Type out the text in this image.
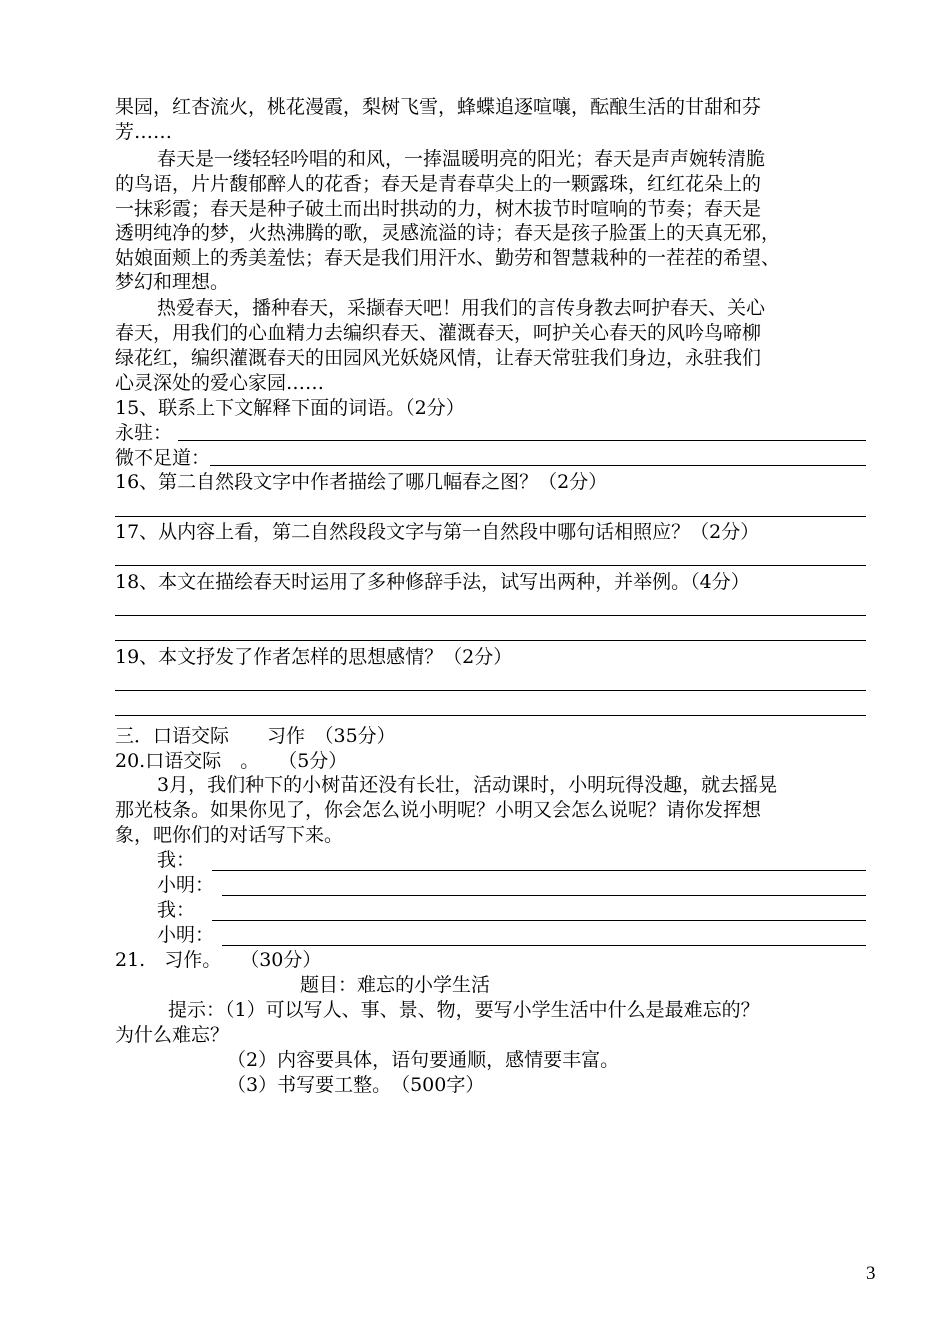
果园，红杏流火，桃花漫霞，梨树飞雪，蜂蝶追逐喧嚷，酝酿生活的甘甜和芬
芳……
春天是一缕轻轻吟唱的和风，一捧温暖明亮的阳光；春天是声声婉转清脆
的鸟语，片片馥郁醉人的花香；春天是青春草尖上的一颗露珠，红红花朵上的
一抹彩霞；春天是种子破土而出时拱动的力，树木拔节时喧响的节奏；春天是
透明纯净的梦，火热沸腾的歌，灵感流溢的诗；春天是孩子脸蛋上的天真无邪，
姑娘面颊上的秀美羞怯；春天是我们用汗水、勤劳和智慧栽种的一茬茬的希望、
梦幻和理想。
热爱春天，播种春天，采撷春天吧！用我们的言传身教去呵护春天、关心
春天，用我们的心血精力去编织春天、灌溉春天，呵护关心春天的风吟鸟啼柳
绿花红，编织灌溉春天的田园风光妖娆风情，让春天常驻我们身边，永驻我们
心灵深处的爱心家园……
15、联系上下文解释下面的词语。（2分）
永驻：
微不足道：
16、第二自然段文字中作者描绘了哪几幅春之图？（2分）
17、从内容上看，第二自然段段文字与第一自然段中哪句话相照应？（2分）
18、本文在描绘春天时运用了多种修辞手法，试写出两种，并举例。（4分）
19、本文抒发了作者怎样的思想感情？（2分）
三．口语交际　　习作　（35分）
20.口语交际　。　　（5分）
3月，我们种下的小树苗还没有长壮，活动课时，小明玩得没趣，就去摇晃
那光枝条。如果你见了，你会怎么说小明呢？小明又会怎么说呢？请你发挥想
象，吧你们的对话写下来。
我：
小明：
我：
小明：
21.　习作。　　（30分）
题目：难忘的小学生活
提示：（1）可以写人、事、景、物，要写小学生活中什么是最难忘的？
为什么难忘？
（2）内容要具体，语句要通顺，感情要丰富。
（3）书写要工整。　（500字）
3
